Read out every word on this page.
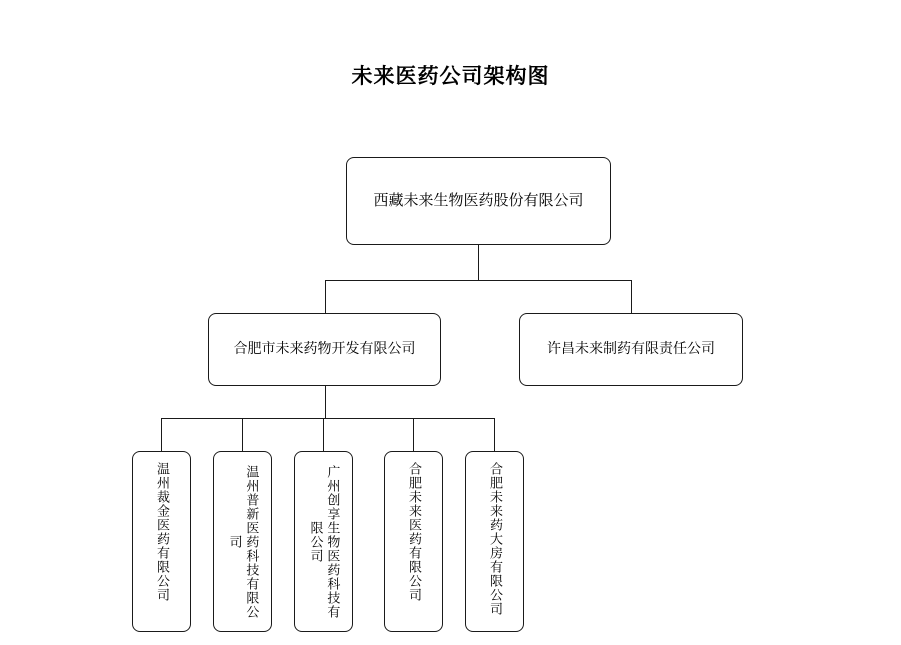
未来医药公司架构图
西藏未来生物医药股份有限公司
合肥市未来药物开发有限公司	许昌未来制药有限责任公司
温州裁金医药有限公司	温州普新医药科技有限公司	广州创享生物医药科技有限公司	合肥未来医药有限公司	合肥未来药大房有限公司
